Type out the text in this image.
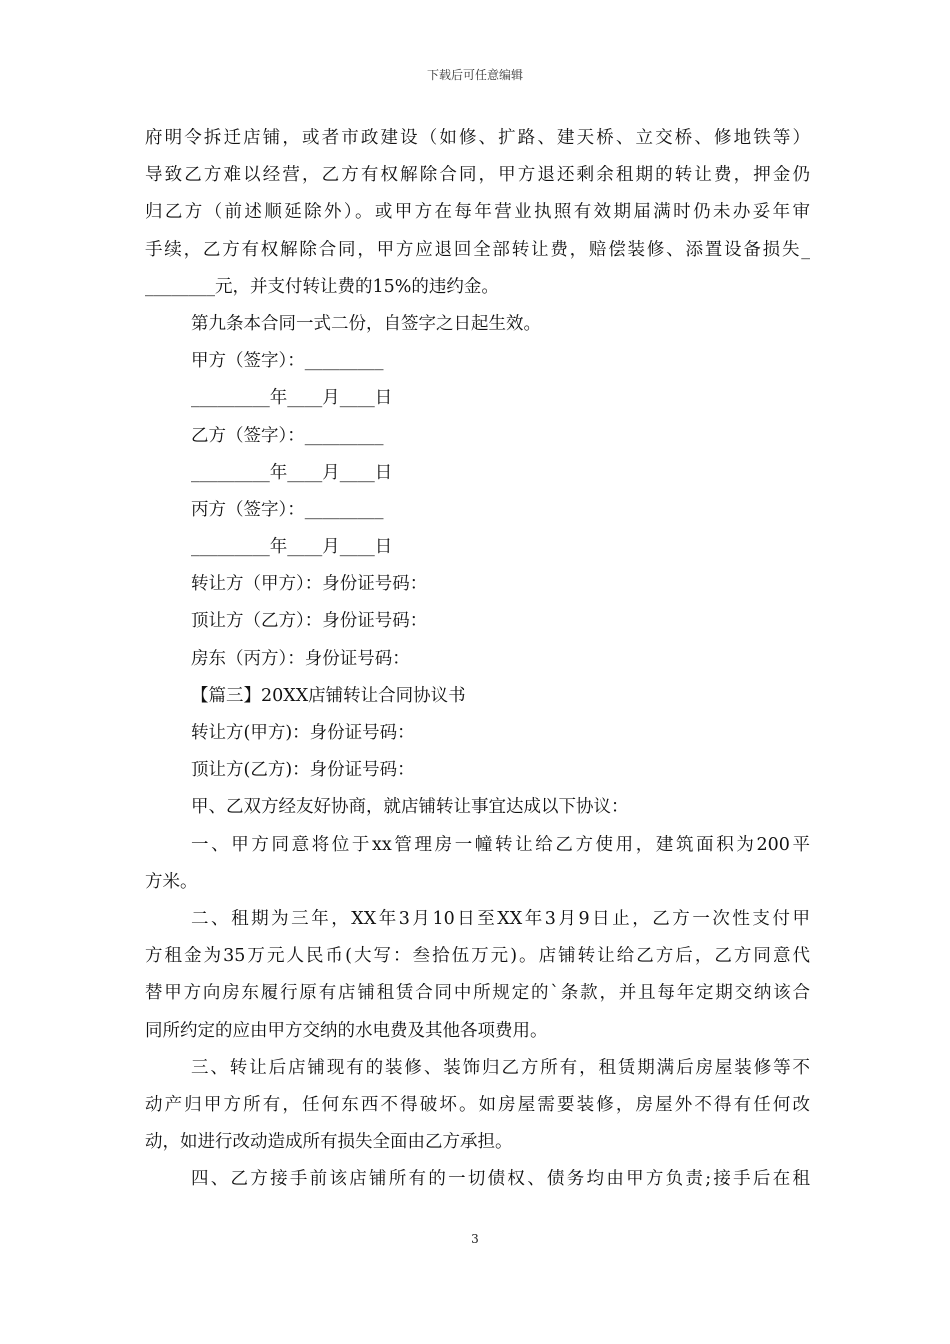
下载后可任意编辑
府明令拆迁店铺，或者市政建设（如修、扩路、建天桥、立交桥、修地铁等）
导致乙方难以经营，乙方有权解除合同，甲方退还剩余租期的转让费，押金仍
归乙方（前述顺延除外）。或甲方在每年营业执照有效期届满时仍未办妥年审
手续，乙方有权解除合同，甲方应退回全部转让费，赔偿装修、添置设备损失_
________元，并支付转让费的15%的违约金。
第九条本合同一式二份，自签字之日起生效。
甲方（签字）：_________
_________年____月____日
乙方（签字）：_________
_________年____月____日
丙方（签字）：_________
_________年____月____日
转让方（甲方）：身份证号码：
顶让方（乙方）：身份证号码：
房东（丙方）：身份证号码：
【篇三】20XX店铺转让合同协议书
转让方(甲方)：身份证号码：
顶让方(乙方)：身份证号码：
甲、乙双方经友好协商，就店铺转让事宜达成以下协议：
一、甲方同意将位于xx管理房一幢转让给乙方使用，建筑面积为200平
方米。
二、租期为三年，XX年3月10日至XX年3月9日止，乙方一次性支付甲
方租金为35万元人民币(大写：叁拾伍万元)。店铺转让给乙方后，乙方同意代
替甲方向房东履行原有店铺租赁合同中所规定的`条款，并且每年定期交纳该合
同所约定的应由甲方交纳的水电费及其他各项费用。
三、转让后店铺现有的装修、装饰归乙方所有，租赁期满后房屋装修等不
动产归甲方所有，任何东西不得破坏。如房屋需要装修，房屋外不得有任何改
动，如进行改动造成所有损失全面由乙方承担。
四、乙方接手前该店铺所有的一切债权、债务均由甲方负责;接手后在租
3
